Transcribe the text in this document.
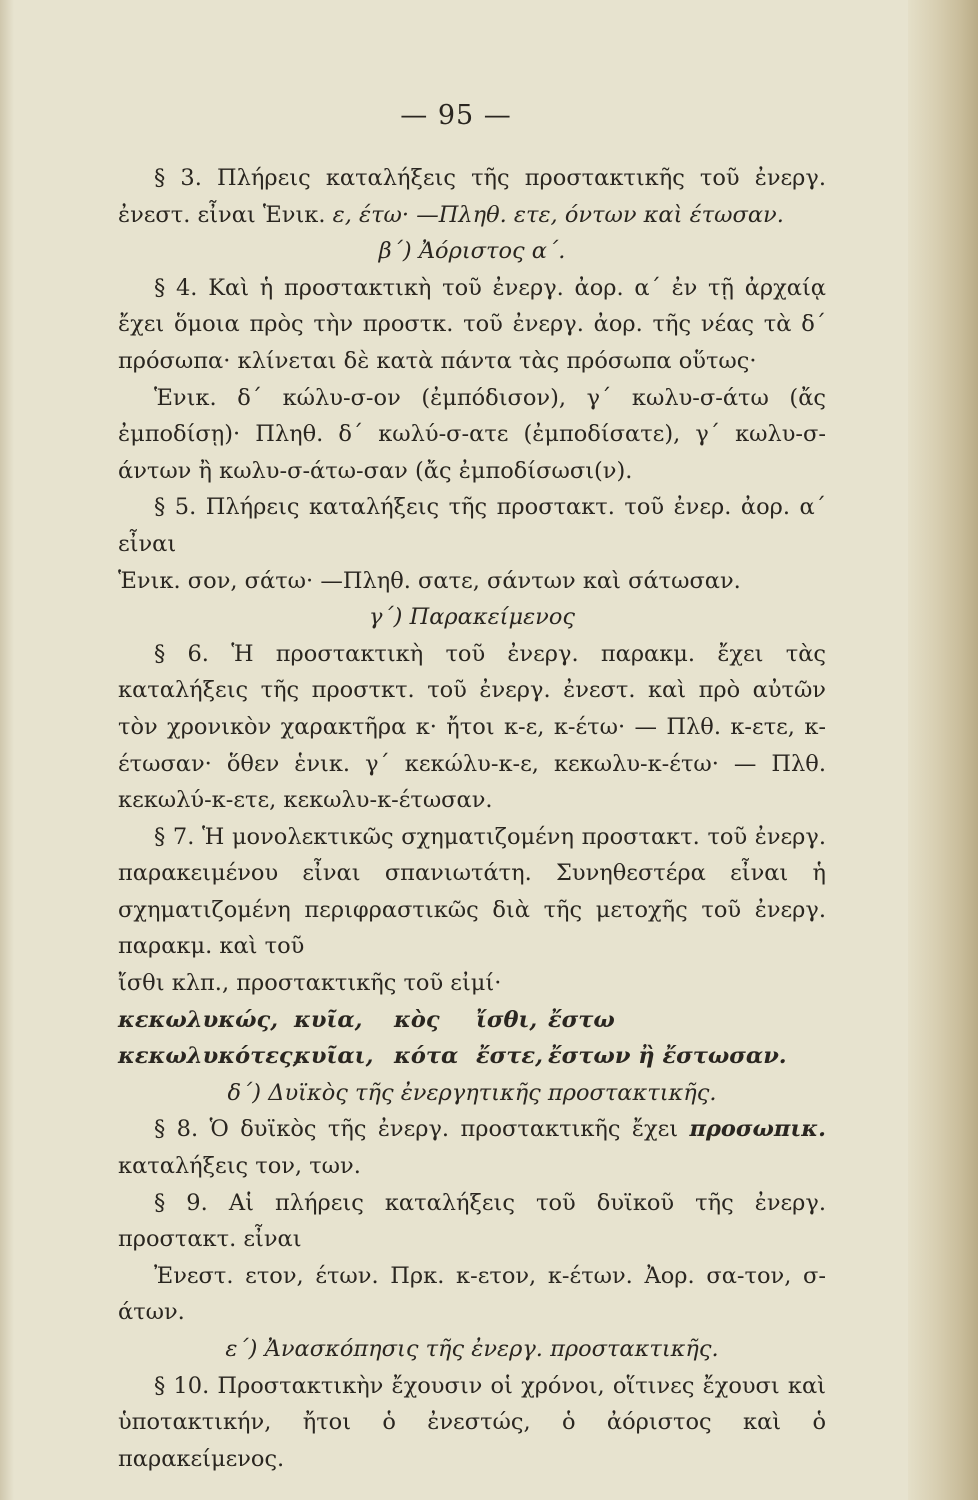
— 95 —

§ 3. Πλήρεις καταλήξεις τῆς προστακτικῆς τοῦ ἐνεργ. ἐνεστ. εἶναι Ἑνικ. ε, έτω· —Πληθ. ετε, όντων καὶ έτωσαν.

β΄) Ἀόριστος α΄.

§ 4. Καὶ ἡ προστακτικὴ τοῦ ἐνεργ. ἀορ. α΄ ἐν τῇ ἀρχαίᾳ ἔχει ὅμοια πρὸς τὴν προστκ. τοῦ ἐνεργ. ἀορ. τῆς νέας τὰ δ΄ πρόσωπα· κλίνεται δὲ κατὰ πάντα τὰς πρόσωπα οὕτως·

Ἑνικ. δ΄ κώλυ-σ-ον (ἐμπόδισον), γ΄ κωλυ-σ-άτω (ἄς ἐμποδίσῃ)· Πληθ. δ΄ κωλύ-σ-ατε (ἐμποδίσατε), γ΄ κωλυ-σ-άντων ἢ κωλυ-σ-άτω-σαν (ἄς ἐμποδίσωσι(ν).

§ 5. Πλήρεις καταλήξεις τῆς προστακτ. τοῦ ἐνερ. ἀορ. α΄ εἶναι

Ἑνικ. σον, σάτω· —Πληθ. σατε, σάντων καὶ σάτωσαν.

γ΄) Παρακείμενος

§ 6. Ἡ προστακτικὴ τοῦ ἐνεργ. παρακμ. ἔχει τὰς καταλήξεις τῆς προστκτ. τοῦ ἐνεργ. ἐνεστ. καὶ πρὸ αὐτῶν τὸν χρονικὸν χαρακτῆρα κ· ἤτοι κ-ε, κ-έτω· — Πλθ. κ-ετε, κ-έτωσαν· ὅθεν ἑνικ. γ΄ κεκώλυ-κ-ε, κεκωλυ-κ-έτω· — Πλθ. κεκωλύ-κ-ετε, κεκωλυ-κ-έτωσαν.

§ 7. Ἡ μονολεκτικῶς σχηματιζομένη προστακτ. τοῦ ἐνεργ. παρακειμένου εἶναι σπανιωτάτη. Συνηθεστέρα εἶναι ἡ σχηματιζομένη περιφραστικῶς διὰ τῆς μετοχῆς τοῦ ἐνεργ. παρακμ. καὶ τοῦ

ἴσθι κλπ., προστακτικῆς τοῦ εἰμί·

κεκωλυκώς, κυῖα,	κὸς	ἴσθι, ἔστω
κεκωλυκότες,
κυῖαι, κότα ἔστε, ἔστων ἢ ἔστωσαν.

δ΄) Δυϊκὸς τῆς ἐνεργητικῆς προστακτικῆς.

§ 8. Ὁ δυϊκὸς τῆς ἐνεργ. προστακτικῆς ἔχει προσωπικ. καταλήξεις τον, των.

§ 9. Αἱ πλήρεις καταλήξεις τοῦ δυϊκοῦ τῆς ἐνεργ. προστακτ. εἶναι

Ἐνεστ. ετον, έτων. Πρκ. κ-ετον, κ-έτων. Ἀορ. σα-τον, σ-άτων.

ε΄) Ἀνασκόπησις τῆς ἐνεργ. προστακτικῆς.

§ 10. Προστακτικὴν ἔχουσιν οἱ χρόνοι, οἵτινες ἔχουσι καὶ ὑποτακτικήν, ἤτοι ὁ ἐνεστώς, ὁ ἀόριστος καὶ ὁ παρακείμενος.
